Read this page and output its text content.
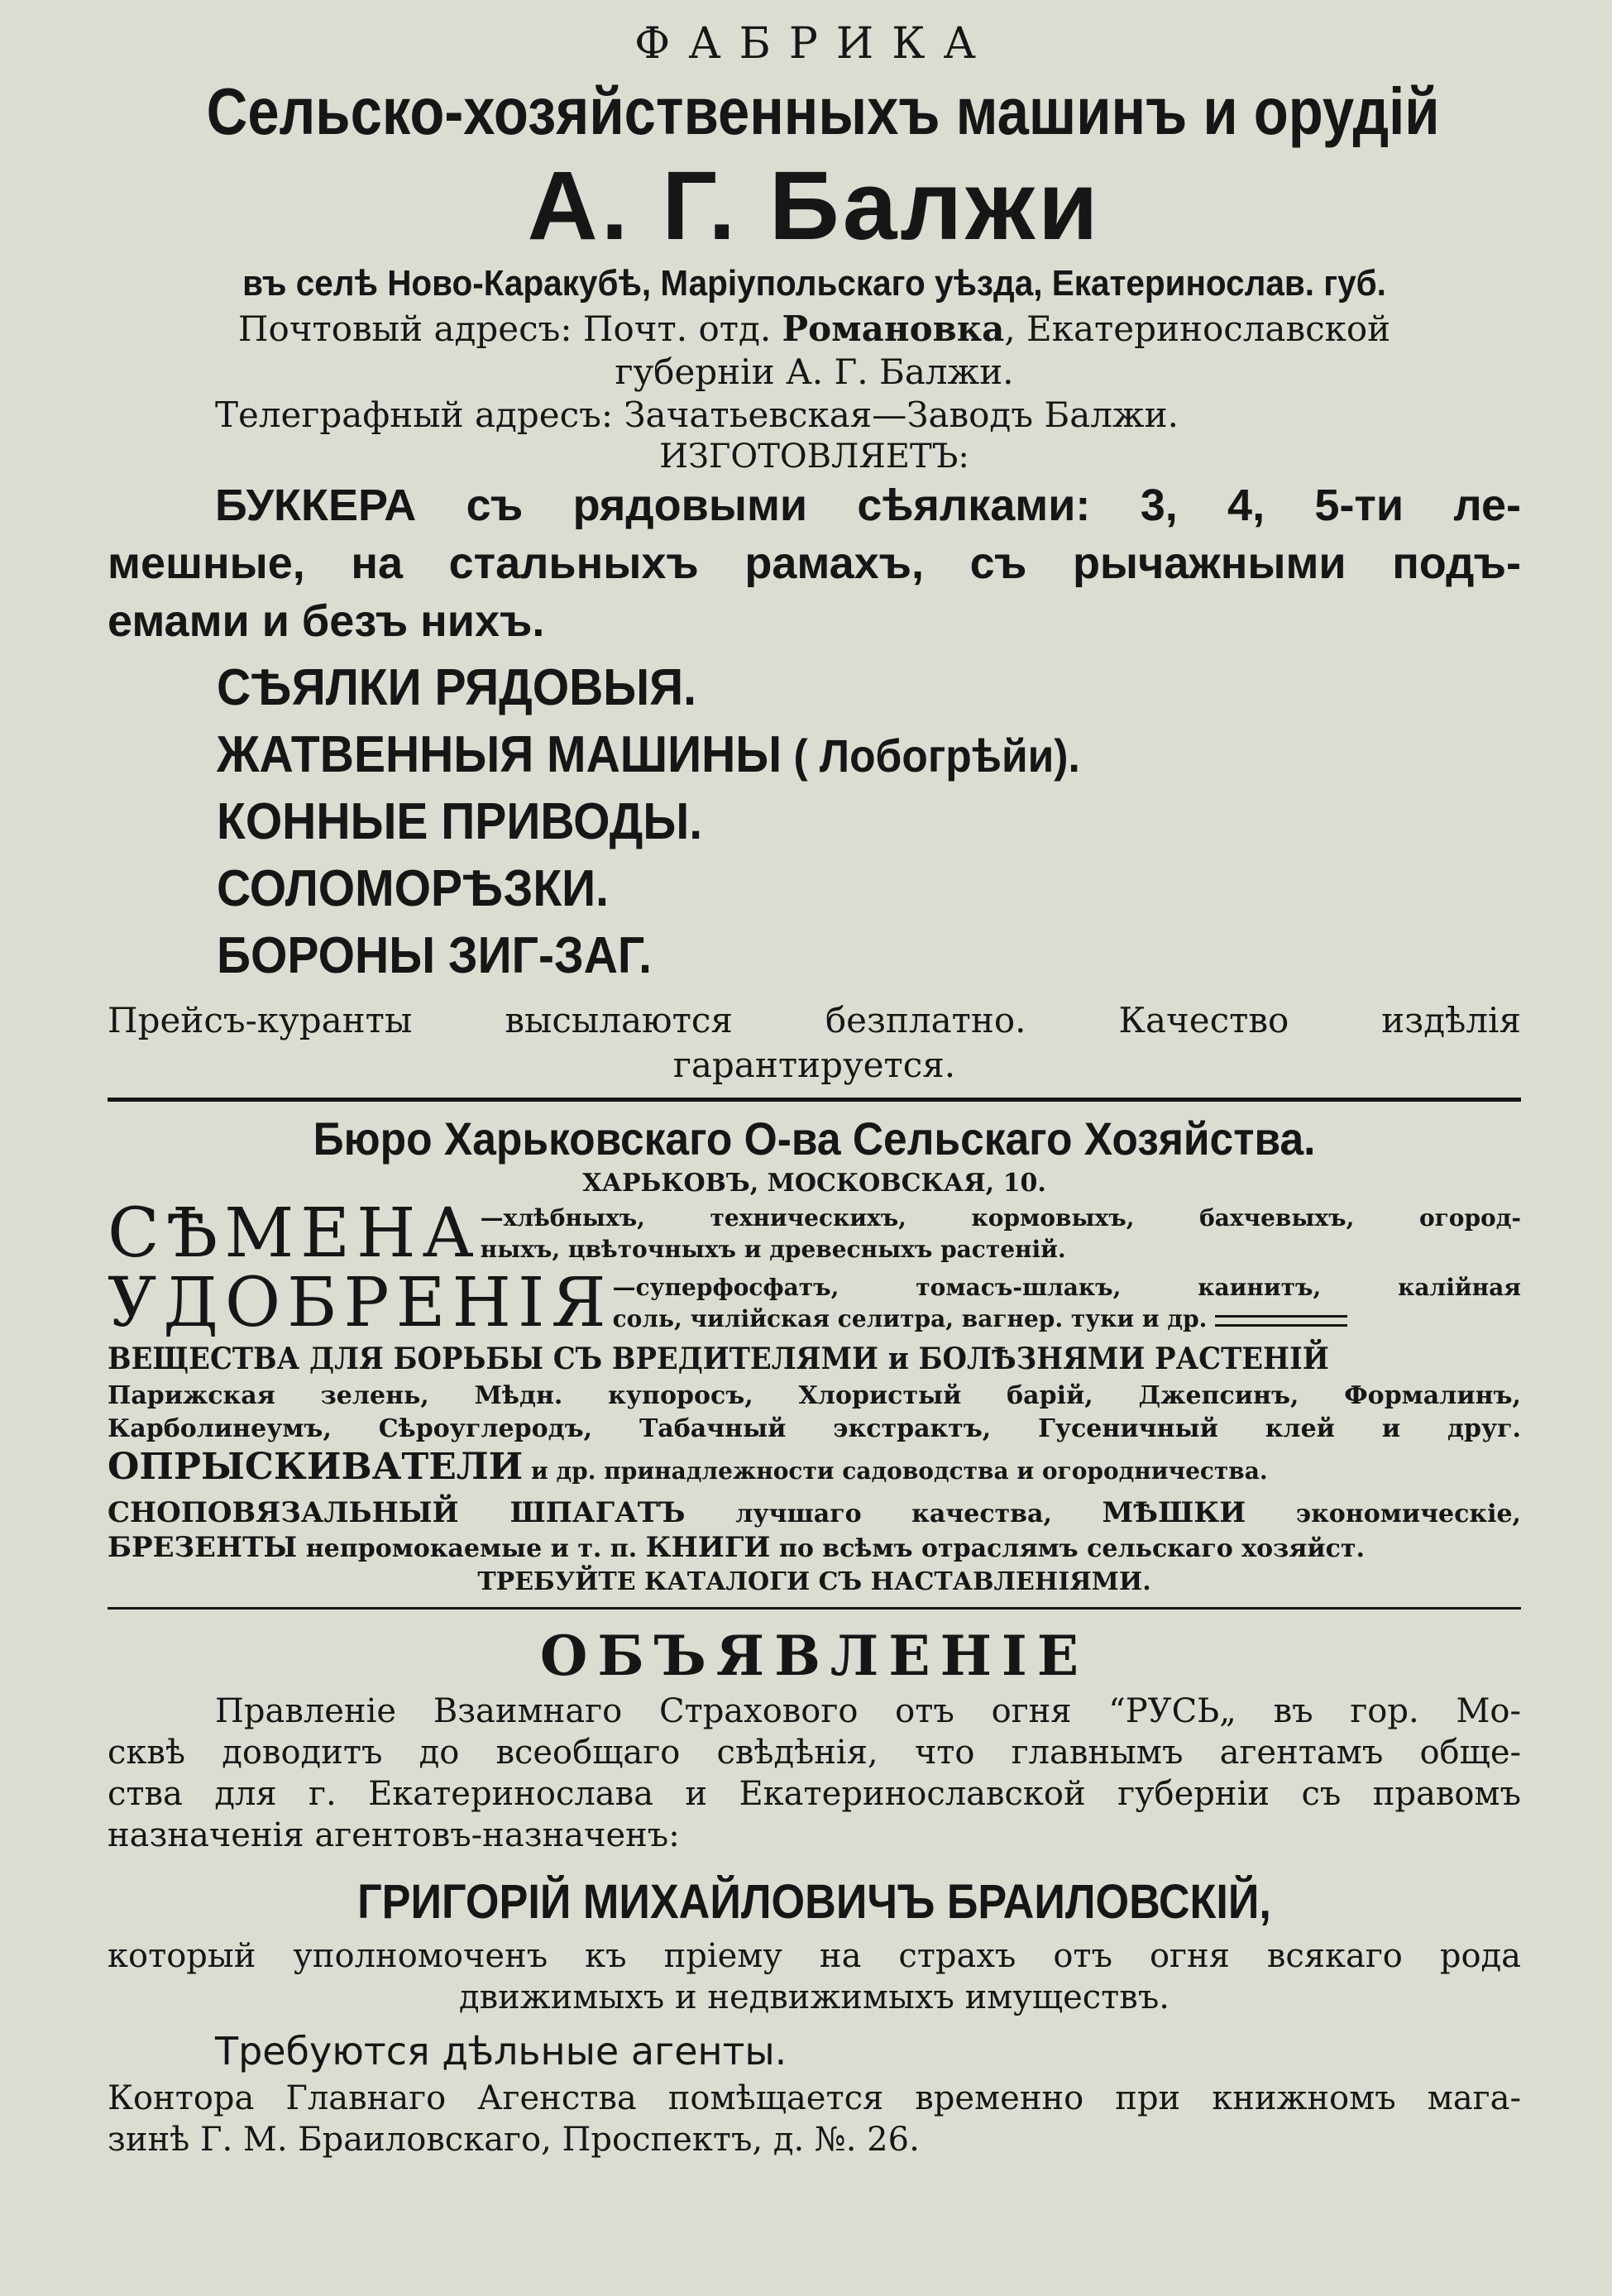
ФАБРИКА
Сельско-хозяйственныхъ машинъ и орудій
А. Г. Балжи
въ селѣ Ново-Каракубѣ, Маріупольскаго уѣзда, Екатеринослав. губ.
Почтовый адресъ: Почт. отд. Романовка, Екатеринославской
губерніи А. Г. Балжи.
Телеграфный адресъ: Зачатьевская—Заводъ Балжи.
ИЗГОТОВЛЯЕТЪ:
БУККЕРА съ рядовыми сѣялками: 3, 4, 5-ти ле-
мешные, на стальныхъ рамахъ, съ рычажными подъ-
емами и безъ нихъ.
СѢЯЛКИ РЯДОВЫЯ.
ЖАТВЕННЫЯ МАШИНЫ ( Лобогрѣйи).
КОННЫЕ ПРИВОДЫ.
СОЛОМОРѢЗКИ.
БОРОНЫ ЗИГ-ЗАГ.
Прейсъ-куранты высылаются безплатно. Качество издѣлія
гарантируется.
Бюро Харьковскаго О-ва Сельскаго Хозяйства.
ХАРЬКОВЪ, МОСКОВСКАЯ, 10.
СѢМЕНА —хлѣбныхъ, техническихъ, кормовыхъ, бахчевыхъ, огород-
ныхъ, цвѣточныхъ и древесныхъ растеній.
УДОБРЕНІЯ —суперфосфатъ, томасъ-шлакъ, каинитъ, калійная
соль, чилійская селитра, вагнер. туки и др.
ВЕЩЕСТВА ДЛЯ БОРЬБЫ СЪ ВРЕДИТЕЛЯМИ и БОЛѢЗНЯМИ РАСТЕНІЙ
Парижская зелень, Мѣдн. купоросъ, Хлористый барій, Джепсинъ, Формалинъ,
Карболинеумъ, Сѣроуглеродъ, Табачный экстрактъ, Гусеничный клей и друг.
ОПРЫСКИВАТЕЛИ и др. принадлежности садоводства и огородничества.
СНОПОВЯЗАЛЬНЫЙ ШПАГАТЪ лучшаго качества, МѢШКИ экономическіе,
БРЕЗЕНТЫ непромокаемые и т. п. КНИГИ по всѣмъ отраслямъ сельскаго хозяйст.
ТРЕБУЙТЕ КАТАЛОГИ СЪ НАСТАВЛЕНІЯМИ.
ОБЪЯВЛЕНІЕ
Правленіе Взаимнаго Страхового отъ огня “РУСЬ„ въ гор. Мо-
сквѣ доводитъ до всеобщаго свѣдѣнія, что главнымъ агентамъ обще-
ства для г. Екатеринослава и Екатеринославской губерніи съ правомъ
назначенія агентовъ-назначенъ:
ГРИГОРІЙ МИХАЙЛОВИЧЪ БРАИЛОВСКІЙ,
который уполномоченъ къ пріему на страхъ отъ огня всякаго рода
движимыхъ и недвижимыхъ имуществъ.
Требуются дѣльные агенты.
Контора Главнаго Агенства помѣщается временно при книжномъ мага-
зинѣ Г. М. Браиловскаго, Проспектъ, д. №. 26.
